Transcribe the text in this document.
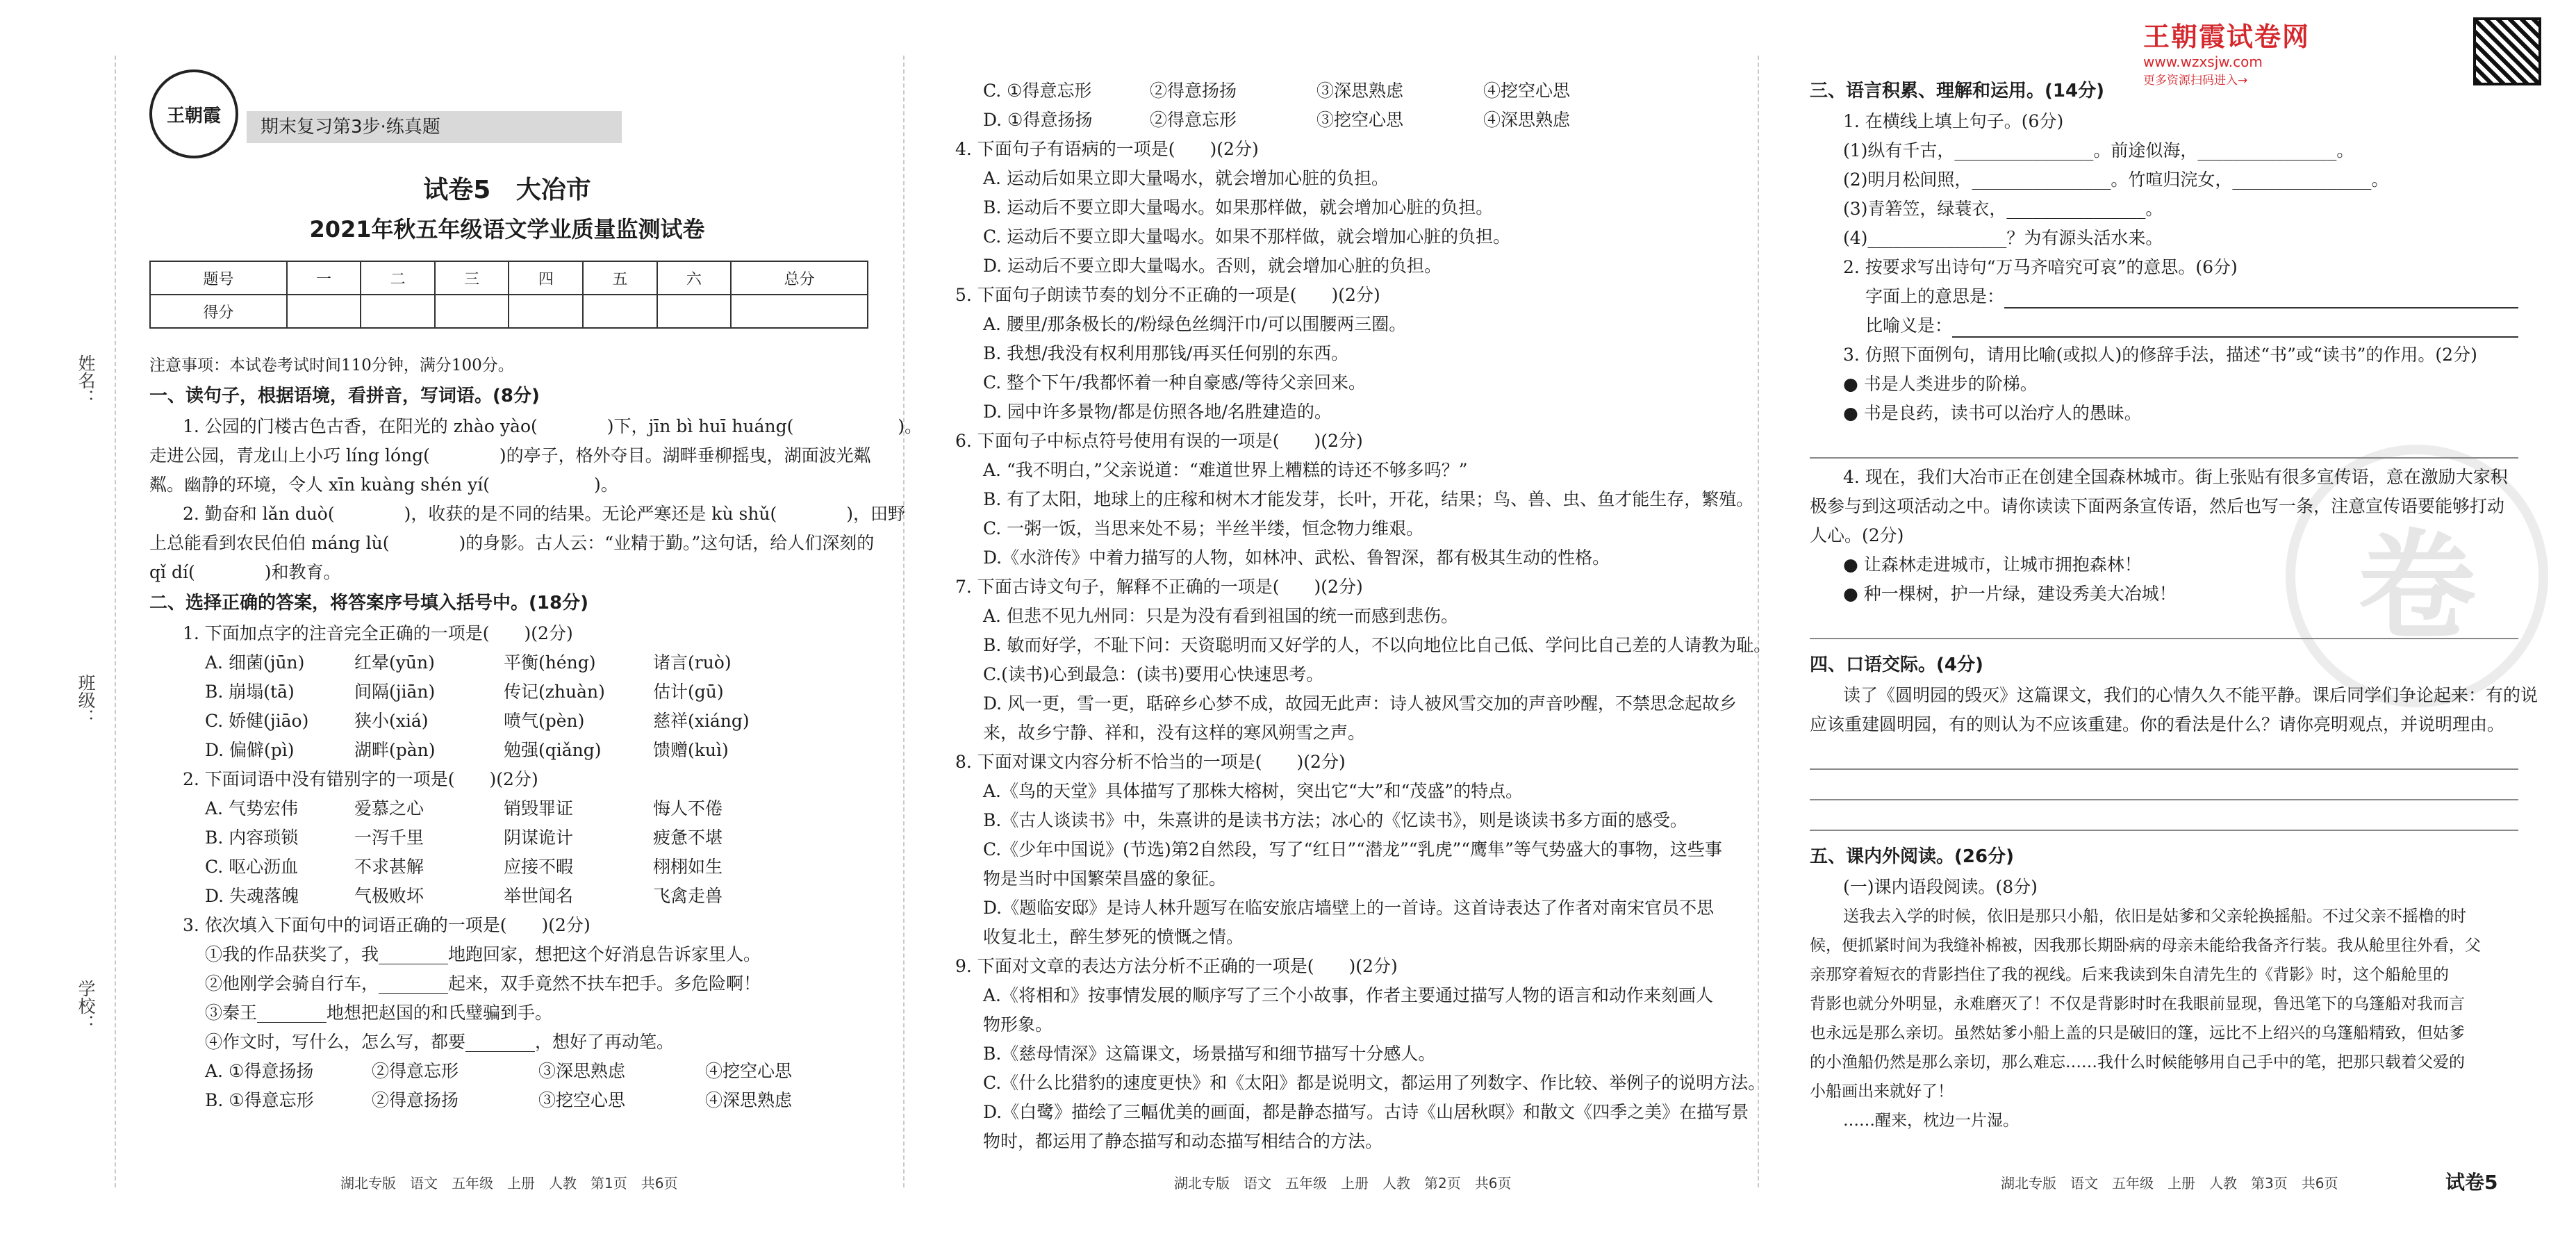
姓名：
班级：
学校：
王朝霞
期末复习第3步·练真题
试卷5 大冶市
2021年秋五年级语文学业质量监测试卷
题号	一	二	三	四	五	六	总分
得分							
注意事项：本试卷考试时间110分钟，满分100分。
一、读句子，根据语境，看拼音，写词语。(8分)
1. 公园的门楼古色古香，在阳光的 zhào yào(　　　　)下，jīn bì huī huáng(　　　　　　)。
走进公园，青龙山上小巧 líng lóng(　　　　)的亭子，格外夺目。湖畔垂柳摇曳，湖面波光粼
粼。幽静的环境，令人 xīn kuàng shén yí(　　　　　　)。
2. 勤奋和 lǎn duò(　　　　)，收获的是不同的结果。无论严寒还是 kù shǔ(　　　　)，田野
上总能看到农民伯伯 máng lù(　　　　)的身影。古人云：“业精于勤。”这句话，给人们深刻的
qǐ dí(　　　　)和教育。
二、选择正确的答案，将答案序号填入括号中。(18分)
1. 下面加点字的注音完全正确的一项是(　　)(2分)
A. 细菌(jūn)	红晕(yūn)	平衡(héng)	诸言(ruò)
B. 崩塌(tā)	间隔(jiān)	传记(zhuàn)	估计(gū)
C. 娇健(jiāo)	狭小(xiá)	喷气(pèn)	慈祥(xiáng)
D. 偏僻(pì)	湖畔(pàn)	勉强(qiǎng)	馈赠(kuì)
2. 下面词语中没有错别字的一项是(　　)(2分)
A. 气势宏伟	爱慕之心	销毁罪证	悔人不倦
B. 内容琐锁	一泻千里	阴谋诡计	疲惫不堪
C. 呕心沥血	不求甚解	应接不暇	栩栩如生
D. 失魂落魄	气极败坏	举世闻名	飞禽走兽
3. 依次填入下面句中的词语正确的一项是(　　)(2分)
①我的作品获奖了，我________地跑回家，想把这个好消息告诉家里人。
②他刚学会骑自行车，________起来，双手竟然不扶车把手。多危险啊！
③秦王________地想把赵国的和氏璧骗到手。
④作文时，写什么，怎么写，都要________，想好了再动笔。
A. ①得意扬扬	②得意忘形	③深思熟虑	④挖空心思
B. ①得意忘形	②得意扬扬	③挖空心思	④深思熟虑
湖北专版　语文　五年级　上册　人教　第1页　共6页
C. ①得意忘形	②得意扬扬	③深思熟虑	④挖空心思
D. ①得意扬扬	②得意忘形	③挖空心思	④深思熟虑
4. 下面句子有语病的一项是(　　)(2分)
A. 运动后如果立即大量喝水，就会增加心脏的负担。
B. 运动后不要立即大量喝水。如果那样做，就会增加心脏的负担。
C. 运动后不要立即大量喝水。如果不那样做，就会增加心脏的负担。
D. 运动后不要立即大量喝水。否则，就会增加心脏的负担。
5. 下面句子朗读节奏的划分不正确的一项是(　　)(2分)
A. 腰里/那条极长的/粉绿色丝绸汗巾/可以围腰两三圈。
B. 我想/我没有权利用那钱/再买任何别的东西。
C. 整个下午/我都怀着一种自豪感/等待父亲回来。
D. 园中许多景物/都是仿照各地/名胜建造的。
6. 下面句子中标点符号使用有误的一项是(　　)(2分)
A. “我不明白，”父亲说道：“难道世界上糟糕的诗还不够多吗？”
B. 有了太阳，地球上的庄稼和树木才能发芽，长叶，开花，结果；鸟、兽、虫、鱼才能生存，繁殖。
C. 一粥一饭，当思来处不易；半丝半缕，恒念物力维艰。
D.《水浒传》中着力描写的人物，如林冲、武松、鲁智深，都有极其生动的性格。
7. 下面古诗文句子，解释不正确的一项是(　　)(2分)
A. 但悲不见九州同：只是为没有看到祖国的统一而感到悲伤。
B. 敏而好学，不耻下问：天资聪明而又好学的人，不以向地位比自己低、学问比自己差的人请教为耻。
C.(读书)心到最急：(读书)要用心快速思考。
D. 风一更，雪一更，聒碎乡心梦不成，故园无此声：诗人被风雪交加的声音吵醒，不禁思念起故乡
来，故乡宁静、祥和，没有这样的寒风朔雪之声。
8. 下面对课文内容分析不恰当的一项是(　　)(2分)
A.《鸟的天堂》具体描写了那株大榕树，突出它“大”和“茂盛”的特点。
B.《古人谈读书》中，朱熹讲的是读书方法；冰心的《忆读书》，则是谈读书多方面的感受。
C.《少年中国说》(节选)第2自然段，写了“红日”“潜龙”“乳虎”“鹰隼”等气势盛大的事物，这些事
物是当时中国繁荣昌盛的象征。
D.《题临安邸》是诗人林升题写在临安旅店墙壁上的一首诗。这首诗表达了作者对南宋官员不思
收复北土，醉生梦死的愤慨之情。
9. 下面对文章的表达方法分析不正确的一项是(　　)(2分)
A.《将相和》按事情发展的顺序写了三个小故事，作者主要通过描写人物的语言和动作来刻画人
物形象。
B.《慈母情深》这篇课文，场景描写和细节描写十分感人。
C.《什么比猎豹的速度更快》和《太阳》都是说明文，都运用了列数字、作比较、举例子的说明方法。
D.《白鹭》描绘了三幅优美的画面，都是静态描写。古诗《山居秋暝》和散文《四季之美》在描写景
物时，都运用了静态描写和动态描写相结合的方法。
湖北专版　语文　五年级　上册　人教　第2页　共6页
卷
王朝霞试卷网
www.wzxsjw.com
更多资源扫码进入→
三、语言积累、理解和运用。(14分)
1. 在横线上填上句子。(6分)
(1)纵有千古，________________。前途似海，________________。
(2)明月松间照，________________。竹喧归浣女，________________。
(3)青箬笠，绿蓑衣，________________。
(4)________________？为有源头活水来。
2. 按要求写出诗句“万马齐喑究可哀”的意思。(6分)
字面上的意思是：
比喻义是：
3. 仿照下面例句，请用比喻(或拟人)的修辞手法，描述“书”或“读书”的作用。(2分)
● 书是人类进步的阶梯。
● 书是良药，读书可以治疗人的愚昧。
4. 现在，我们大冶市正在创建全国森林城市。街上张贴有很多宣传语，意在激励大家积
极参与到这项活动之中。请你读读下面两条宣传语，然后也写一条，注意宣传语要能够打动
人心。(2分)
● 让森林走进城市，让城市拥抱森林！
● 种一棵树，护一片绿，建设秀美大冶城！
四、口语交际。(4分)
读了《圆明园的毁灭》这篇课文，我们的心情久久不能平静。课后同学们争论起来：有的说
应该重建圆明园，有的则认为不应该重建。你的看法是什么？请你亮明观点，并说明理由。
五、课内外阅读。(26分)
(一)课内语段阅读。(8分)
送我去入学的时候，依旧是那只小船，依旧是姑爹和父亲轮换摇船。不过父亲不摇橹的时
候，便抓紧时间为我缝补棉被，因我那长期卧病的母亲未能给我备齐行装。我从舱里往外看，父
亲那穿着短衣的背影挡住了我的视线。后来我读到朱自清先生的《背影》时，这个船舱里的
背影也就分外明显，永难磨灭了！不仅是背影时时在我眼前显现，鲁迅笔下的乌篷船对我而言
也永远是那么亲切。虽然姑爹小船上盖的只是破旧的篷，远比不上绍兴的乌篷船精致，但姑爹
的小渔船仍然是那么亲切，那么难忘……我什么时候能够用自己手中的笔，把那只载着父爱的
小船画出来就好了！
……醒来，枕边一片湿。
湖北专版　语文　五年级　上册　人教　第3页　共6页	试卷5
